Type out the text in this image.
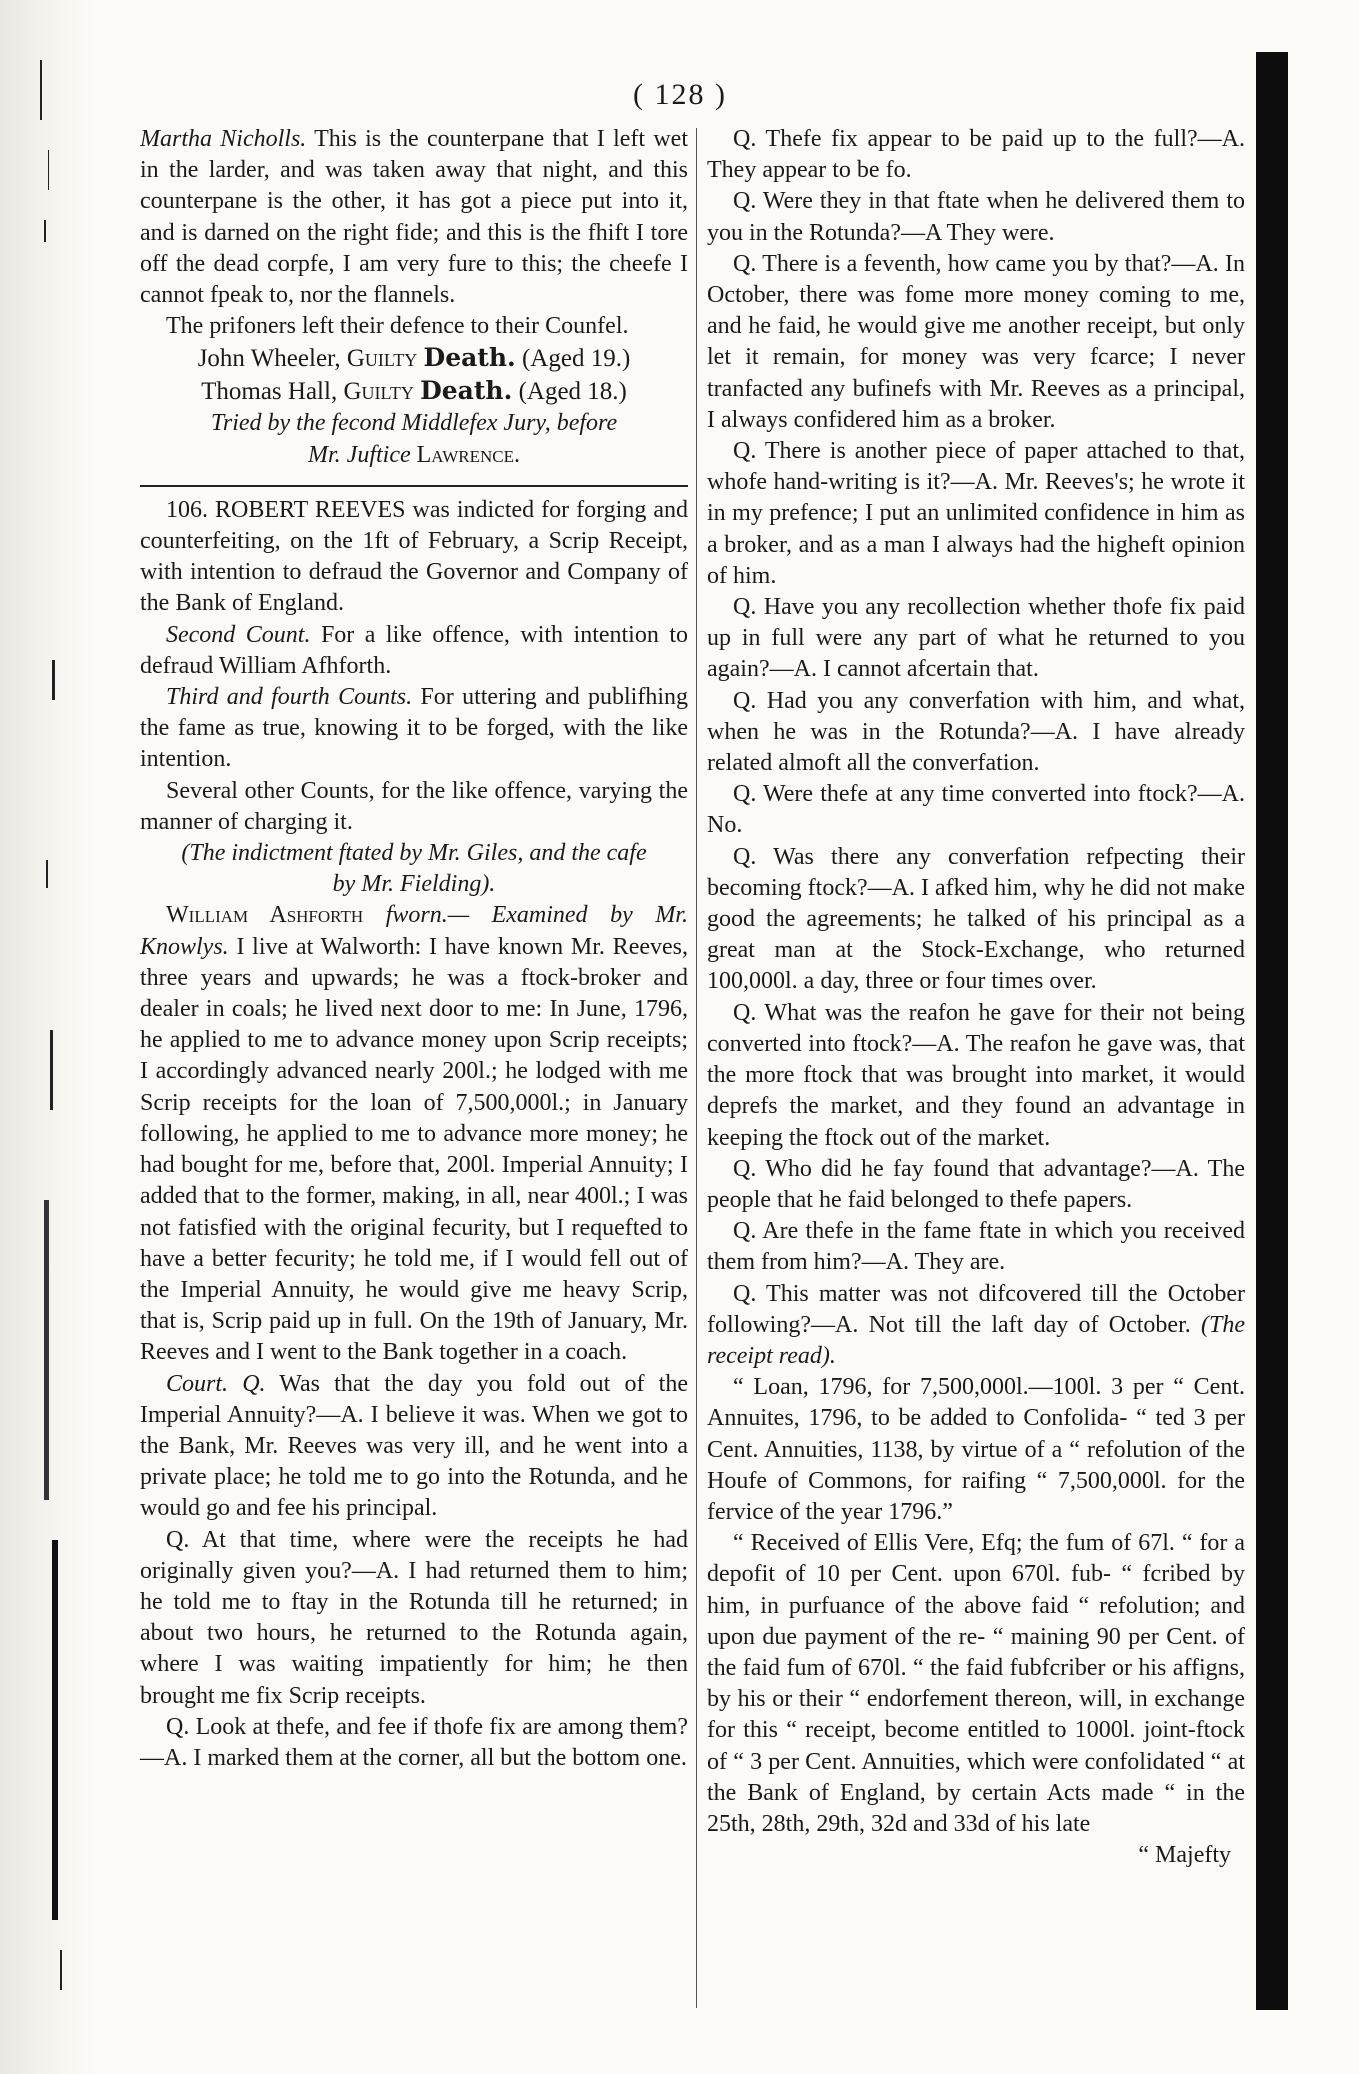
( 128 )

Martha Nicholls. This is the counterpane that I left wet in the larder, and was taken away that night, and this counterpane is the other, it has got a piece put into it, and is darned on the right fide; and this is the fhift I tore off the dead corpfe, I am very fure to this; the cheefe I cannot fpeak to, nor the flannels.

The prifoners left their defence to their Counfel.

John Wheeler, Guilty Death. (Aged 19.)

Thomas Hall, Guilty Death. (Aged 18.)

Tried by the fecond Middlefex Jury, before

Mr. Juftice Lawrence.

106. ROBERT REEVES was indicted for forging and counterfeiting, on the 1ft of February, a Scrip Receipt, with intention to defraud the Governor and Company of the Bank of England.

Second Count. For a like offence, with intention to defraud William Afhforth.

Third and fourth Counts. For uttering and publifhing the fame as true, knowing it to be forged, with the like intention.

Several other Counts, for the like offence, varying the manner of charging it.

(The indictment ftated by Mr. Giles, and the cafe

by Mr. Fielding).

William Ashforth fworn.— Examined by Mr. Knowlys. I live at Walworth: I have known Mr. Reeves, three years and upwards; he was a ftock-broker and dealer in coals; he lived next door to me: In June, 1796, he applied to me to advance money upon Scrip receipts; I accordingly advanced nearly 200l.; he lodged with me Scrip receipts for the loan of 7,500,000l.; in January following, he applied to me to advance more money; he had bought for me, before that, 200l. Imperial Annuity; I added that to the former, making, in all, near 400l.; I was not fatisfied with the original fecurity, but I requefted to have a better fecurity; he told me, if I would fell out of the Imperial Annuity, he would give me heavy Scrip, that is, Scrip paid up in full. On the 19th of January, Mr. Reeves and I went to the Bank together in a coach.

Court. Q. Was that the day you fold out of the Imperial Annuity?—A. I believe it was. When we got to the Bank, Mr. Reeves was very ill, and he went into a private place; he told me to go into the Rotunda, and he would go and fee his principal.

Q. At that time, where were the receipts he had originally given you?—A. I had returned them to him; he told me to ftay in the Rotunda till he returned; in about two hours, he returned to the Rotunda again, where I was waiting impatiently for him; he then brought me fix Scrip receipts.

Q. Look at thefe, and fee if thofe fix are among them?—A. I marked them at the corner, all but the bottom one.

Q. Thefe fix appear to be paid up to the full?—A. They appear to be fo.

Q. Were they in that ftate when he delivered them to you in the Rotunda?—A They were.

Q. There is a feventh, how came you by that?—A. In October, there was fome more money coming to me, and he faid, he would give me another receipt, but only let it remain, for money was very fcarce; I never tranfacted any bufinefs with Mr. Reeves as a principal, I always confidered him as a broker.

Q. There is another piece of paper attached to that, whofe hand-writing is it?—A. Mr. Reeves's; he wrote it in my prefence; I put an unlimited confidence in him as a broker, and as a man I always had the higheft opinion of him.

Q. Have you any recollection whether thofe fix paid up in full were any part of what he returned to you again?—A. I cannot afcertain that.

Q. Had you any converfation with him, and what, when he was in the Rotunda?—A. I have already related almoft all the converfation.

Q. Were thefe at any time converted into ftock?—A. No.

Q. Was there any converfation refpecting their becoming ftock?—A. I afked him, why he did not make good the agreements; he talked of his principal as a great man at the Stock-Exchange, who returned 100,000l. a day, three or four times over.

Q. What was the reafon he gave for their not being converted into ftock?—A. The reafon he gave was, that the more ftock that was brought into market, it would deprefs the market, and they found an advantage in keeping the ftock out of the market.

Q. Who did he fay found that advantage?—A. The people that he faid belonged to thefe papers.

Q. Are thefe in the fame ftate in which you received them from him?—A. They are.

Q. This matter was not difcovered till the October following?—A. Not till the laft day of October. (The receipt read).

“ Loan, 1796, for 7,500,000l.—100l. 3 per “ Cent. Annuites, 1796, to be added to Confolida- “ ted 3 per Cent. Annuities, 1138, by virtue of a “ refolution of the Houfe of Commons, for raifing “ 7,500,000l. for the fervice of the year 1796.”

“ Received of Ellis Vere, Efq; the fum of 67l. “ for a depofit of 10 per Cent. upon 670l. fub- “ fcribed by him, in purfuance of the above faid “ refolution; and upon due payment of the re- “ maining 90 per Cent. of the faid fum of 670l. “ the faid fubfcriber or his affigns, by his or their “ endorfement thereon, will, in exchange for this “ receipt, become entitled to 1000l. joint-ftock of “ 3 per Cent. Annuities, which were confolidated “ at the Bank of England, by certain Acts made “ in the 25th, 28th, 29th, 32d and 33d of his late

“ Majefty
